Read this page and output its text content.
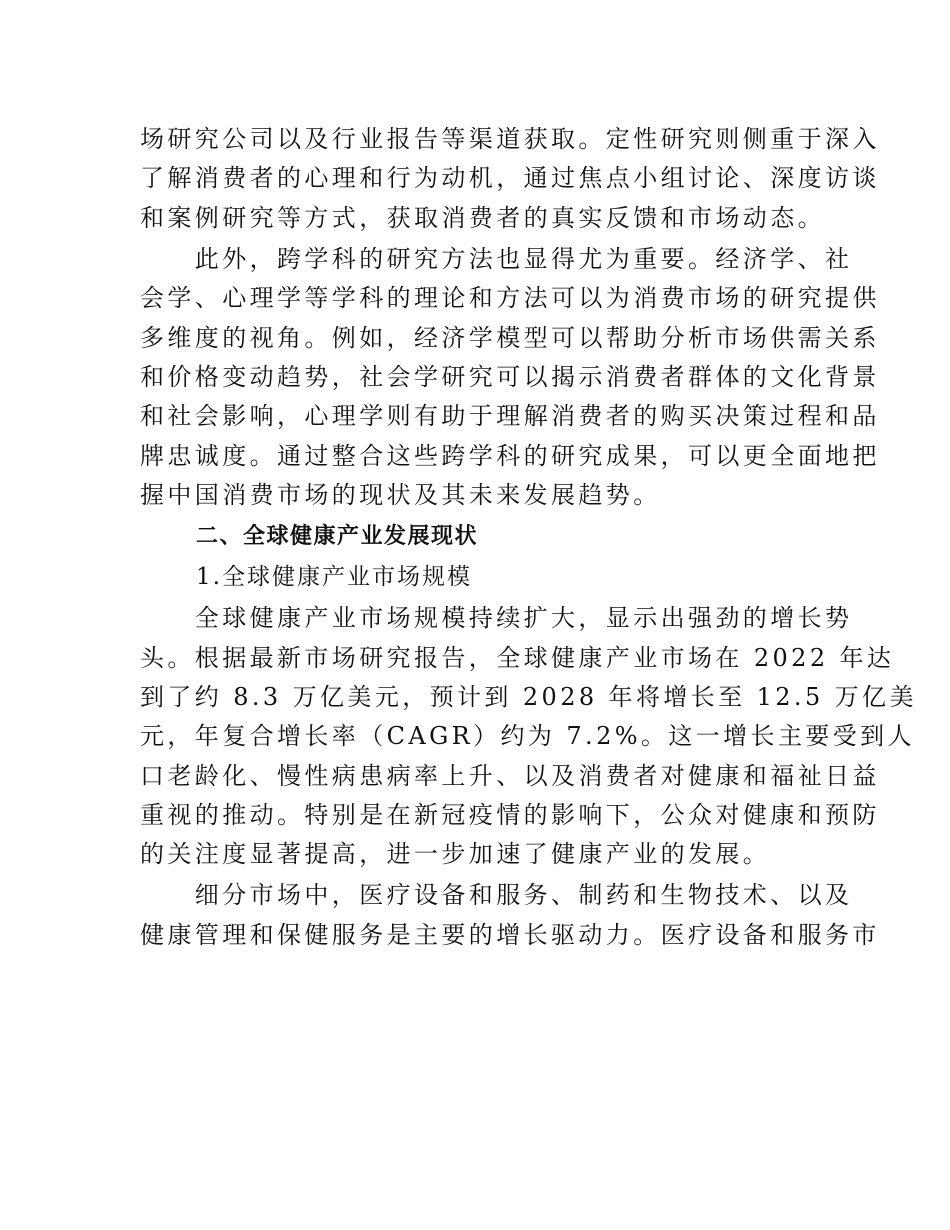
场研究公司以及行业报告等渠道获取。定性研究则侧重于深入
了解消费者的心理和行为动机，通过焦点小组讨论、深度访谈
和案例研究等方式，获取消费者的真实反馈和市场动态。
　　此外，跨学科的研究方法也显得尤为重要。经济学、社
会学、心理学等学科的理论和方法可以为消费市场的研究提供
多维度的视角。例如，经济学模型可以帮助分析市场供需关系
和价格变动趋势，社会学研究可以揭示消费者群体的文化背景
和社会影响，心理学则有助于理解消费者的购买决策过程和品
牌忠诚度。通过整合这些跨学科的研究成果，可以更全面地把
握中国消费市场的现状及其未来发展趋势。
二、全球健康产业发展现状
1.全球健康产业市场规模
　　全球健康产业市场规模持续扩大，显示出强劲的增长势
头。根据最新市场研究报告，全球健康产业市场在 2022 年达
到了约 8.3 万亿美元，预计到 2028 年将增长至 12.5 万亿美
元，年复合增长率（CAGR）约为 7.2%。这一增长主要受到人
口老龄化、慢性病患病率上升、以及消费者对健康和福祉日益
重视的推动。特别是在新冠疫情的影响下，公众对健康和预防
的关注度显著提高，进一步加速了健康产业的发展。
　　细分市场中，医疗设备和服务、制药和生物技术、以及
健康管理和保健服务是主要的增长驱动力。医疗设备和服务市
